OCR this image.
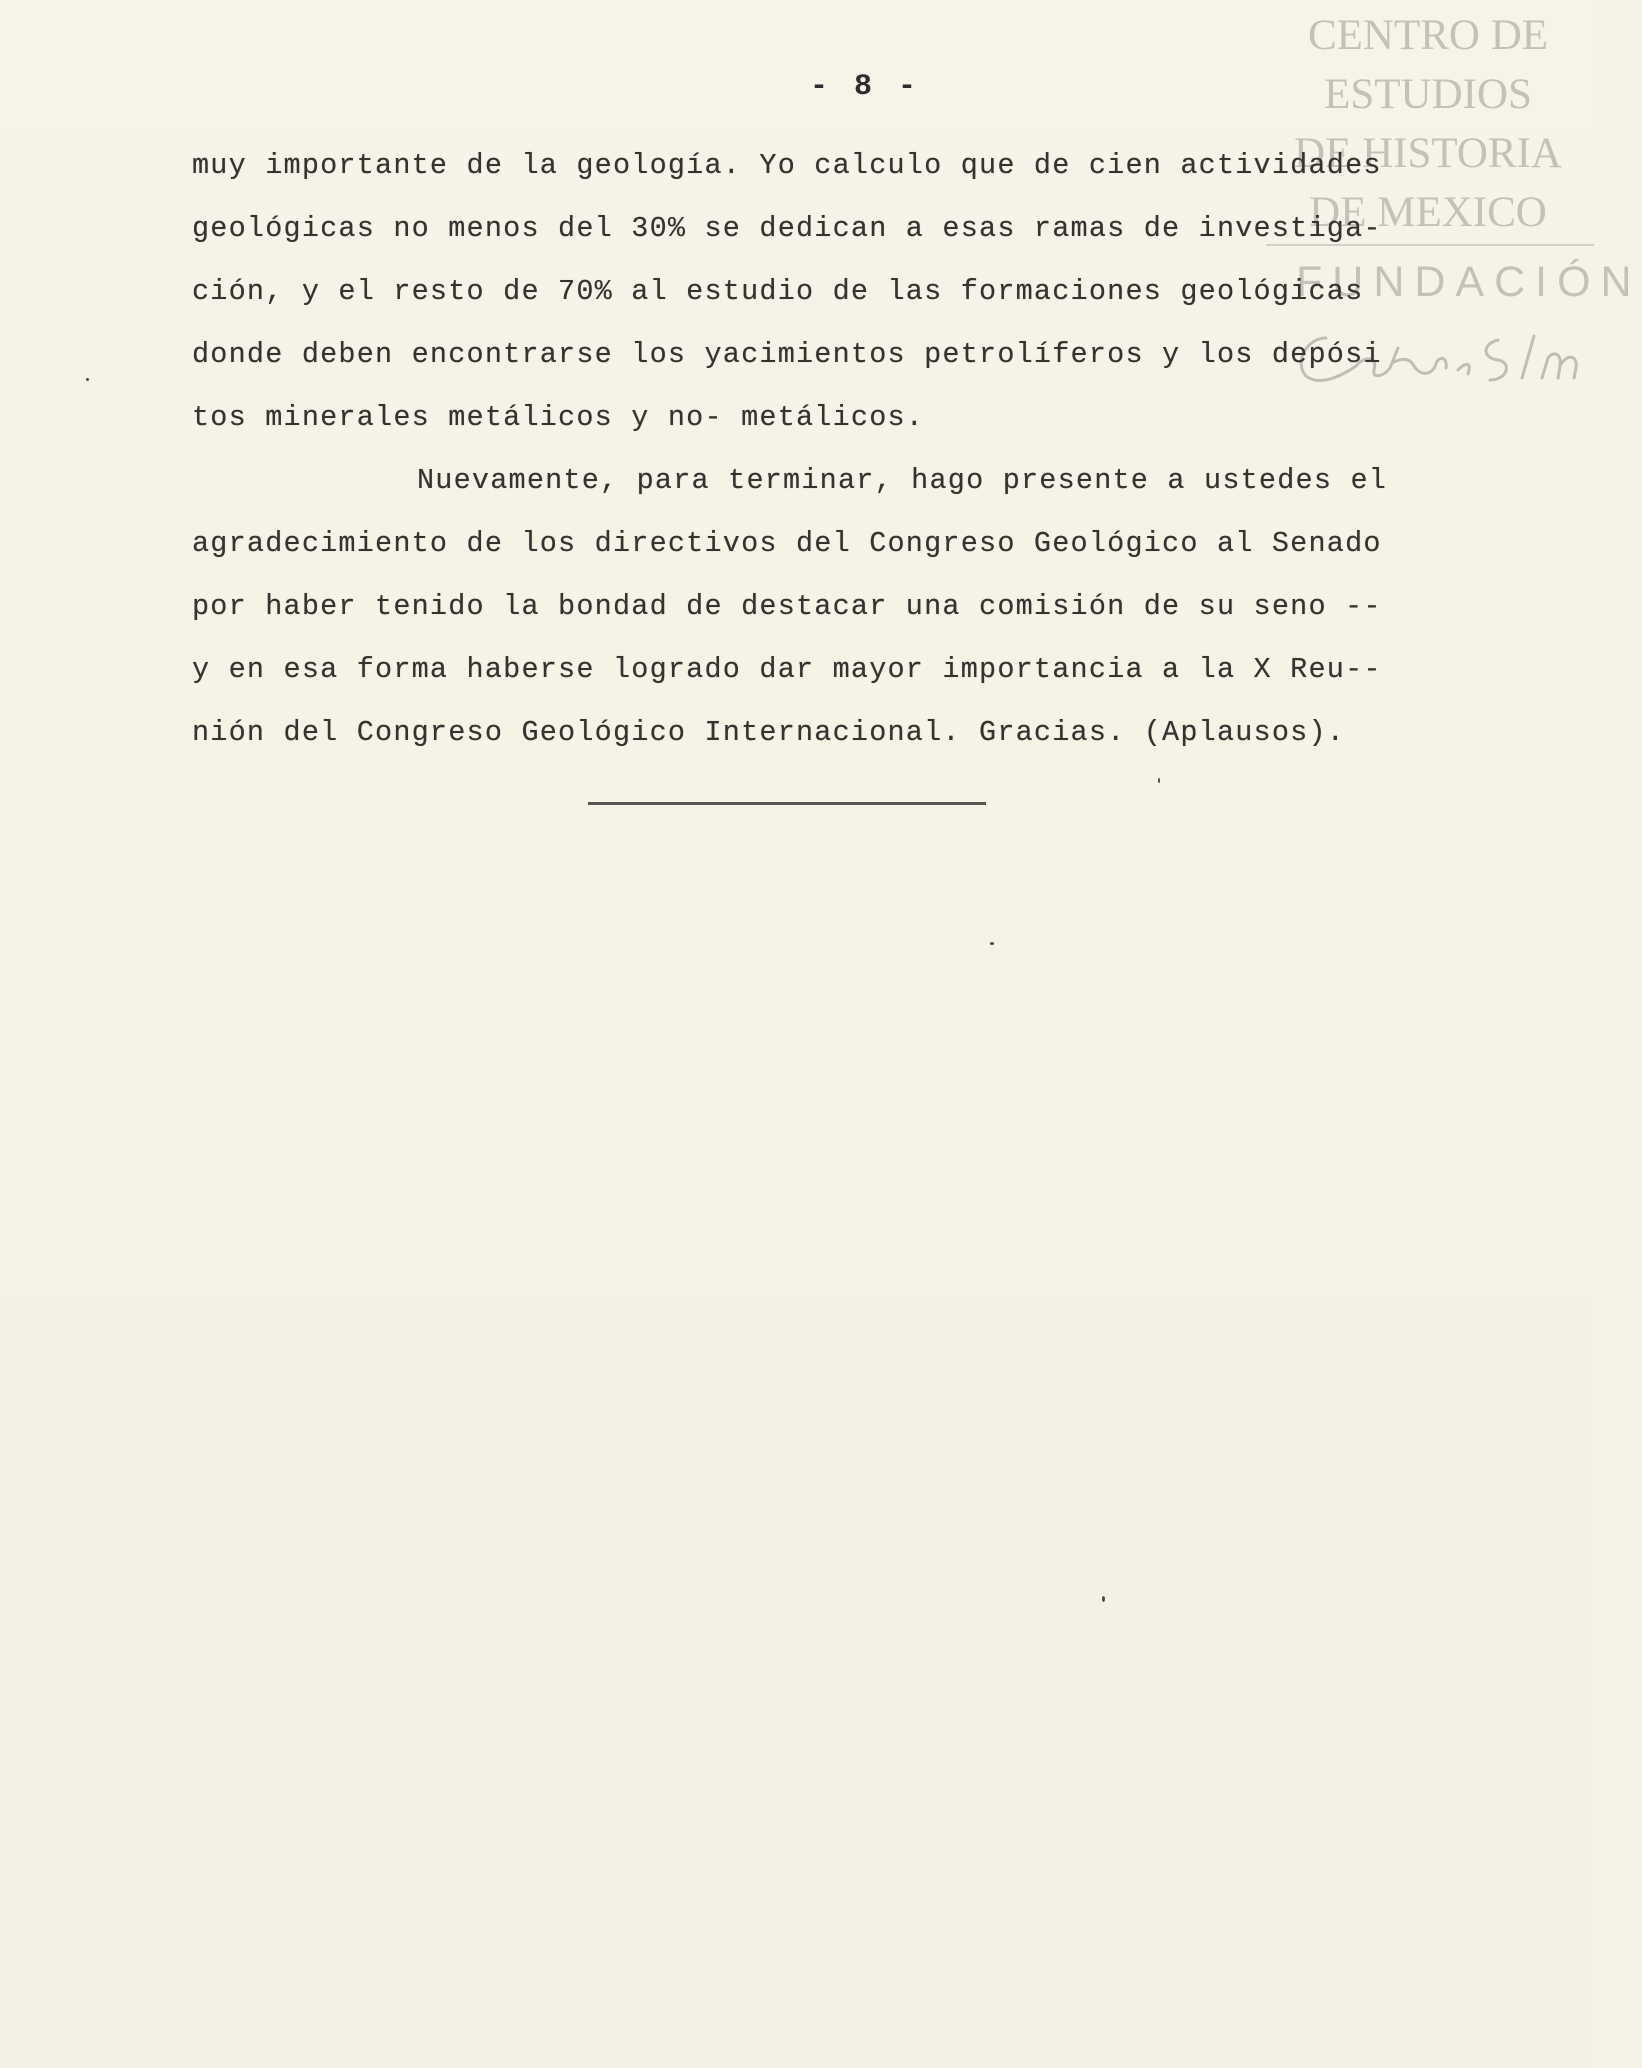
CENTRO DE
ESTUDIOS
DE HISTORIA
DE MEXICO
FUNDACIÓN
- 8 -
muy importante de la geología. Yo calculo que de cien actividades
geológicas no menos del 30% se dedican a esas ramas de investiga-
ción, y el resto de 70% al estudio de las formaciones geológicas
donde deben encontrarse los yacimientos petrolíferos y los depósi
tos minerales metálicos y no- metálicos.
Nuevamente, para terminar, hago presente a ustedes el
agradecimiento de los directivos del Congreso Geológico al Senado
por haber tenido la bondad de destacar una comisión de su seno --
y en esa forma haberse logrado dar mayor importancia a la X Reu--
nión del Congreso Geológico Internacional. Gracias. (Aplausos).
